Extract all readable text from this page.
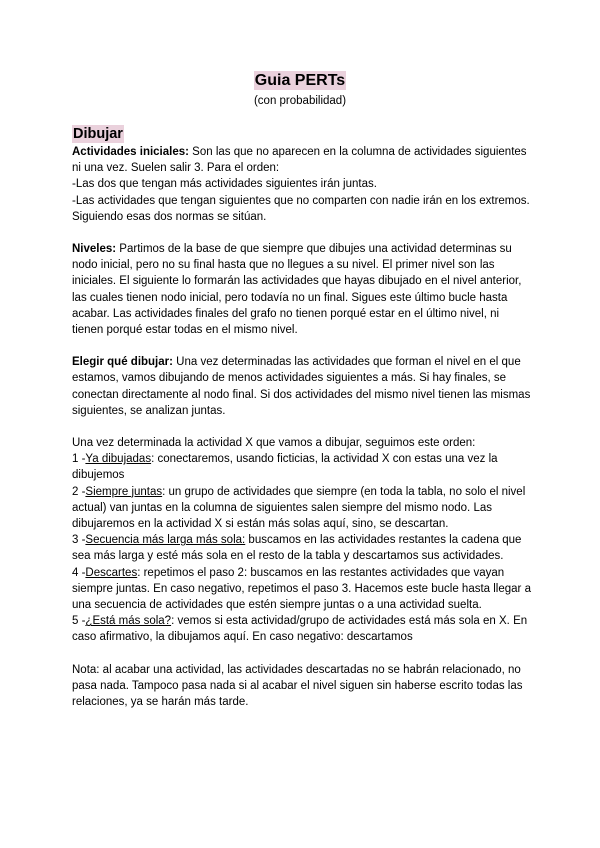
Guia PERTs
(con probabilidad)
Dibujar

Actividades iniciales: Son las que no aparecen en la columna de actividades siguientes ni una vez. Suelen salir 3. Para el orden:

-Las dos que tengan más actividades siguientes irán juntas.

-Las actividades que tengan siguientes que no comparten con nadie irán en los extremos.

Siguiendo esas dos normas se sitúan.

Niveles: Partimos de la base de que siempre que dibujes una actividad determinas su nodo inicial, pero no su final hasta que no llegues a su nivel. El primer nivel son las iniciales. El siguiente lo formarán las actividades que hayas dibujado en el nivel anterior, las cuales tienen nodo inicial, pero todavía no un final. Sigues este último bucle hasta acabar. Las actividades finales del grafo no tienen porqué estar en el último nivel, ni tienen porqué estar todas en el mismo nivel.

Elegir qué dibujar: Una vez determinadas las actividades que forman el nivel en el que estamos, vamos dibujando de menos actividades siguientes a más. Si hay finales, se conectan directamente al nodo final. Si dos actividades del mismo nivel tienen las mismas siguientes, se analizan juntas.

Una vez determinada la actividad X que vamos a dibujar, seguimos este orden:

1 -Ya dibujadas: conectaremos, usando ficticias, la actividad X con estas una vez la dibujemos

2 -Siempre juntas: un grupo de actividades que siempre (en toda la tabla, no solo el nivel actual) van juntas en la columna de siguientes salen siempre del mismo nodo. Las dibujaremos en la actividad X si están más solas aquí, sino, se descartan.

3 -Secuencia más larga más sola: buscamos en las actividades restantes la cadena que sea más larga y esté más sola en el resto de la tabla y descartamos sus actividades.

4 -Descartes: repetimos el paso 2: buscamos en las restantes actividades que vayan siempre juntas. En caso negativo, repetimos el paso 3. Hacemos este bucle hasta llegar a una secuencia de actividades que estén siempre juntas o a una actividad suelta.

5 -¿Está más sola?: vemos si esta actividad/grupo de actividades está más sola en X. En caso afirmativo, la dibujamos aquí. En caso negativo: descartamos

Nota: al acabar una actividad, las actividades descartadas no se habrán relacionado, no pasa nada. Tampoco pasa nada si al acabar el nivel siguen sin haberse escrito todas las relaciones, ya se harán más tarde.
